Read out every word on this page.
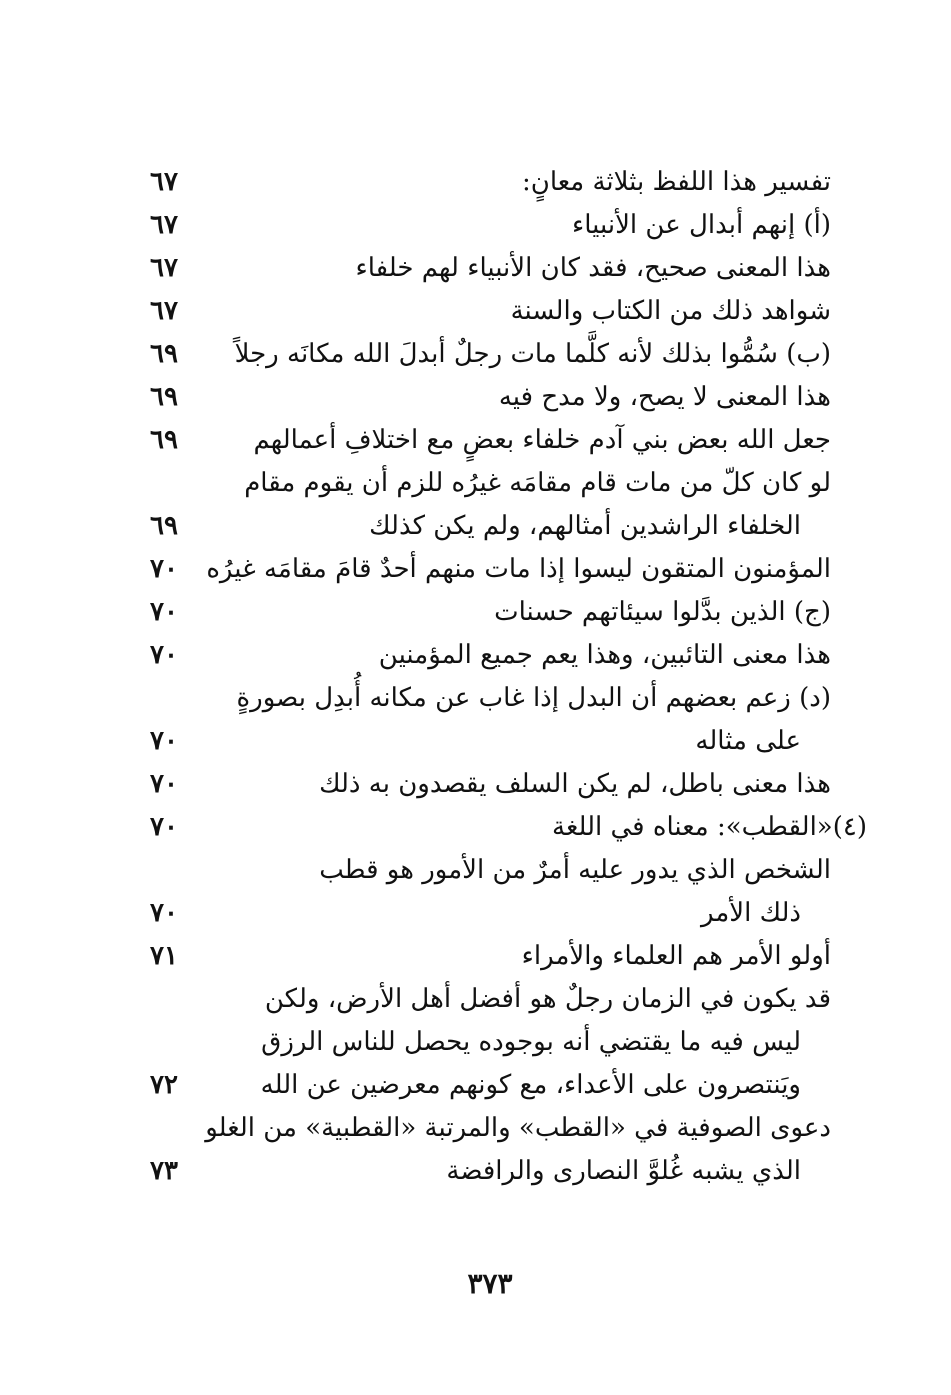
تفسير هذا اللفظ بثلاثة معانٍ:
٦٧
(أ) إنهم أبدال عن الأنبياء
٦٧
هذا المعنى صحيح، فقد كان الأنبياء لهم خلفاء
٦٧
شواهد ذلك من الكتاب والسنة
٦٧
(ب) سُمُّوا بذلك لأنه كلَّما مات رجلٌ أبدلَ الله مكانَه رجلاً
٦٩
هذا المعنى لا يصح، ولا مدح فيه
٦٩
جعل الله بعض بني آدم خلفاء بعضٍ مع اختلافِ أعمالهم
٦٩
لو كان كلّ من مات قام مقامَه غيرُه للزم أن يقوم مقام
الخلفاء الراشدين أمثالهم، ولم يكن كذلك
٦٩
المؤمنون المتقون ليسوا إذا مات منهم أحدٌ قامَ مقامَه غيرُه
٧٠
(ج) الذين بدَّلوا سيئاتهم حسنات
٧٠
هذا معنى التائبين، وهذا يعم جميع المؤمنين
٧٠
(د) زعم بعضهم أن البدل إذا غاب عن مكانه أُبدِل بصورةٍ
على مثاله
٧٠
هذا معنى باطل، لم يكن السلف يقصدون به ذلك
٧٠
(٤)«القطب»: معناه في اللغة
٧٠
الشخص الذي يدور عليه أمرٌ من الأمور هو قطب
ذلك الأمر
٧٠
أولو الأمر هم العلماء والأمراء
٧١
قد يكون في الزمان رجلٌ هو أفضل أهل الأرض، ولكن
ليس فيه ما يقتضي أنه بوجوده يحصل للناس الرزق
ويَنتصرون على الأعداء، مع كونهم معرضين عن الله
٧٢
دعوى الصوفية في «القطب» والمرتبة «القطبية» من الغلو
الذي يشبه غُلوَّ النصارى والرافضة
٧٣
٣٧٣
